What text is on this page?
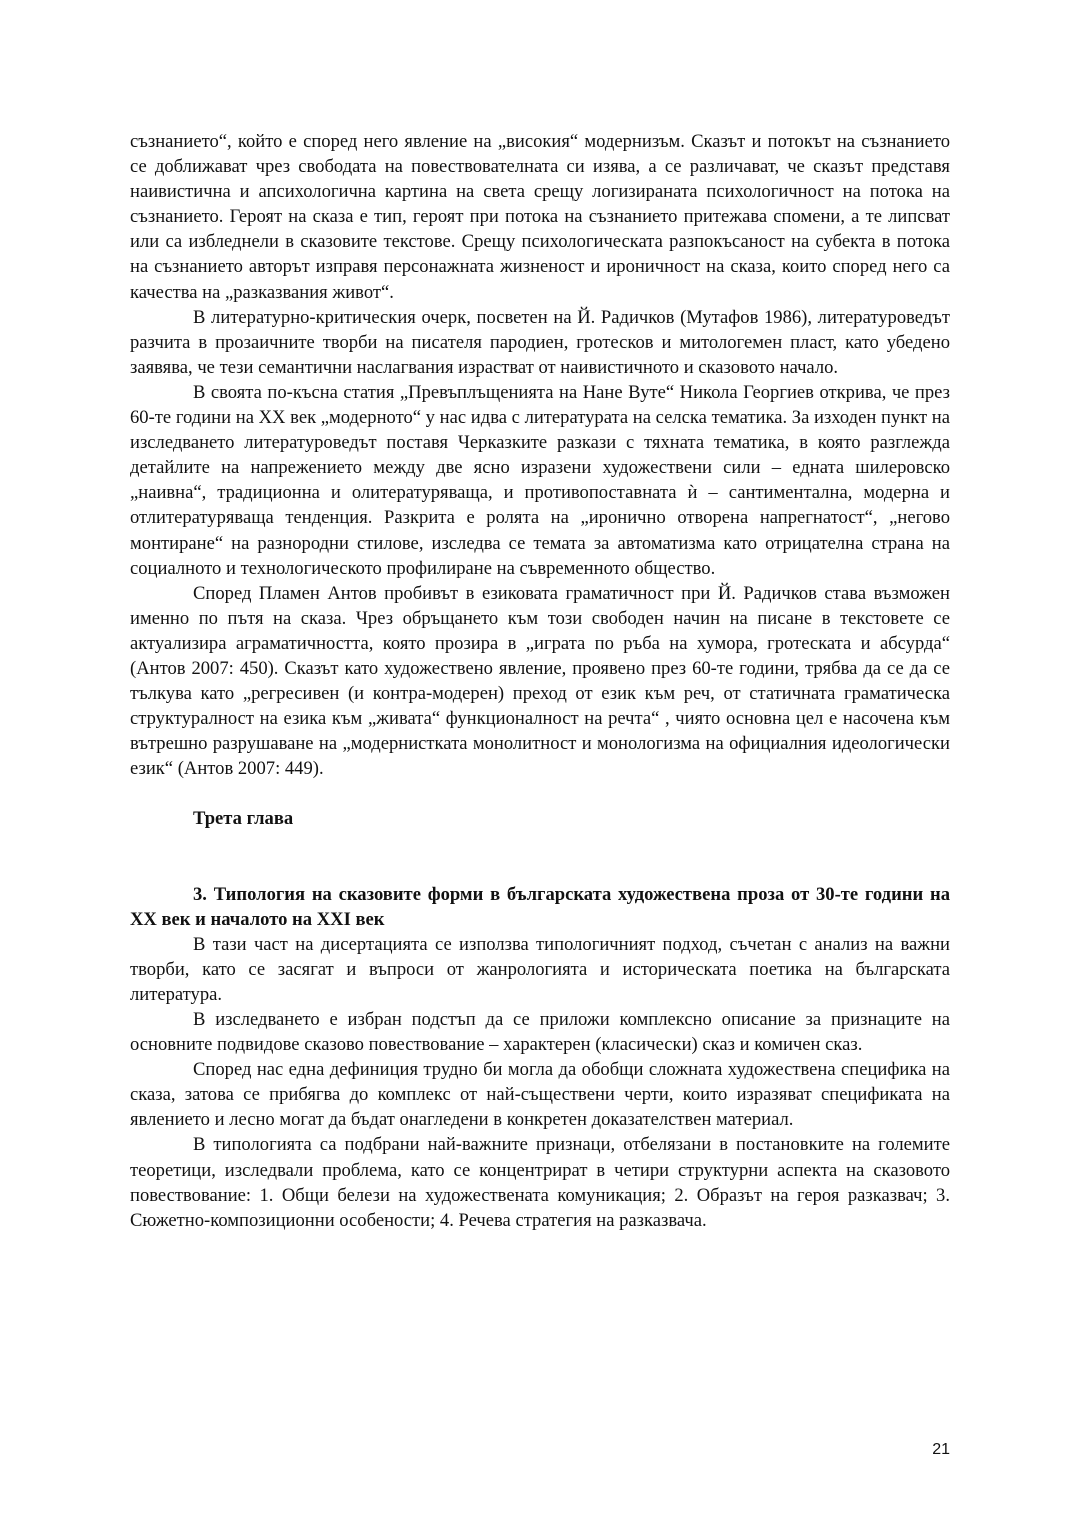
съзнанието“, който е според него явление на „високия“ модернизъм. Сказът и потокът на съзнанието се доближават чрез свободата на повествователната си изява, а се различават, че сказът представя наивистична и апсихологична картина на света срещу логизираната психологичност на потока на съзнанието. Героят на сказа е тип, героят при потока на съзнанието притежава спомени, а те липсват или са избледнели в сказовите текстове. Срещу психологическата разпокъсаност на субекта в потока на съзнанието авторът изправя персонажната жизненост и ироничност на сказа, които според него са качества на „разказвания живот“.

В литературно-критическия очерк, посветен на Й. Радичков (Мутафов 1986), литературоведът разчита в прозаичните творби на писателя пародиен, гротесков и митологемен пласт, като убедено заявява, че тези семантични наслагвания израстват от наивистичното и сказовото начало.

В своята по-късна статия „Превъплъщенията на Нане Вуте“ Никола Георгиев открива, че през 60-те години на ХХ век „модерното“ у нас идва с литературата на селска тематика. За изходен пункт на изследването литературоведът поставя Черказките разкази с тяхната тематика, в която разглежда детайлите на напрежението между две ясно изразени художествени сили – едната шилеровско „наивна“, традиционна и олитературяваща, и противопоставната ѝ – сантиментална, модерна и отлитературяваща тенденция. Разкрита е ролята на „иронично отворена напрегнатост“, „негово монтиране“ на разнородни стилове, изследва се темата за автоматизма като отрицателна страна на социалното и технологическото профилиране на съвременното общество.

Според Пламен Антов пробивът в езиковата граматичност при Й. Радичков става възможен именно по пътя на сказа. Чрез обръщането към този свободен начин на писане в текстовете се актуализира аграматичността, която прозира в „играта по ръба на хумора, гротеската и абсурда“ (Антов 2007: 450). Сказът като художествено явление, проявено през 60-те години, трябва да се да се тълкува като „регресивен (и контра-модерен) преход от език към реч, от статичната граматическа структуралност на езика към „живата“ функционалност на речта“ , чиято основна цел е насочена към вътрешно разрушаване на „модернисткатa монолитност и монологизма на официалния идеологически език“ (Антов 2007: 449).

Трета глава

3. Типология на сказовите форми в българската художествена проза от 30-те години на ХХ век и началото на ХХІ век

В тази част на дисертацията се използва типологичният подход, съчетан с анализ на важни творби, като се засягат и въпроси от жанрологията и историческата поетика на българската литература.

В изследването е избран подстъп да се приложи комплексно описание за признаците на основните подвидове сказово повествование – характерен (класически) сказ и комичен сказ.

Според нас една дефиниция трудно би могла да обобщи сложната художествена специфика на сказа, затова се прибягва до комплекс от най-съществени черти, които изразяват спецификата на явлението и лесно могат да бъдат онагледени в конкретен доказателствен материал.

В типологията са подбрани най-важните признаци, отбелязани в постановките на големите теоретици, изследвали проблема, като се концентрират в четири структурни аспекта на сказовото повествование: 1. Общи белези на художествената комуникация; 2. Образът на героя разказвач; 3. Сюжетно-композиционни особености; 4. Речева стратегия на разказвача.

21
